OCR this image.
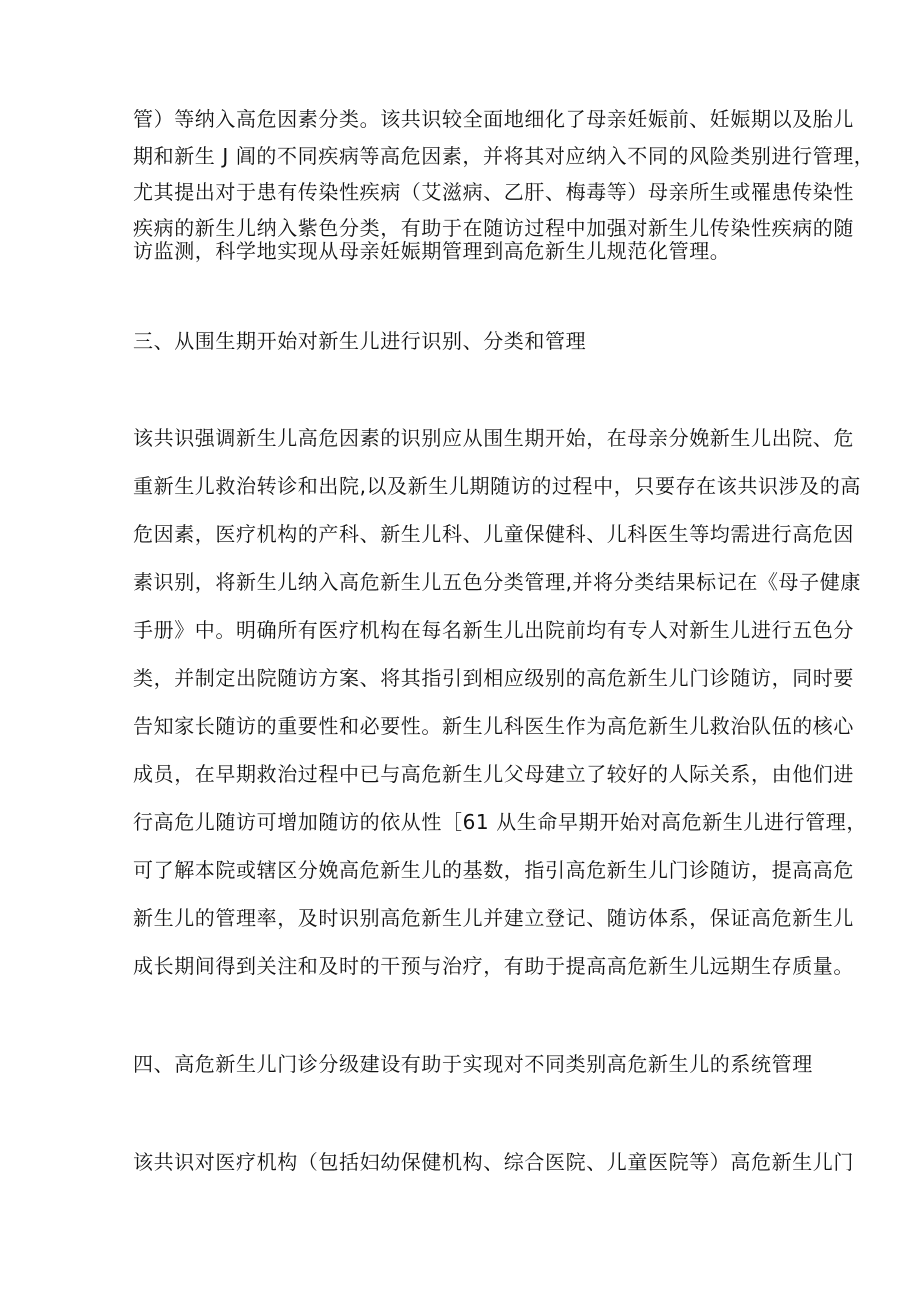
管）等纳入高危因素分类。该共识较全面地细化了母亲妊娠前、妊娠期以及胎儿
期和新生 J 阊的不同疾病等高危因素，并将其对应纳入不同的风险类别进行管理，
尤其提出对于患有传染性疾病（艾滋病、乙肝、梅毒等）母亲所生或罹患传染性
疾病的新生儿纳入紫色分类，有助于在随访过程中加强对新生儿传染性疾病的随
访监测，科学地实现从母亲妊娠期管理到高危新生儿规范化管理。
三、从围生期开始对新生儿进行识别、分类和管理
该共识强调新生儿高危因素的识别应从围生期开始，在母亲分娩新生儿出院、危
重新生儿救治转诊和出院,以及新生儿期随访的过程中，只要存在该共识涉及的高
危因素，医疗机构的产科、新生儿科、儿童保健科、儿科医生等均需进行高危因
素识别，将新生儿纳入高危新生儿五色分类管理,并将分类结果标记在《母子健康
手册》中。明确所有医疗机构在每名新生儿出院前均有专人对新生儿进行五色分
类，并制定出院随访方案、将其指引到相应级别的高危新生儿门诊随访，同时要
告知家长随访的重要性和必要性。新生儿科医生作为高危新生儿救治队伍的核心
成员，在早期救治过程中已与高危新生儿父母建立了较好的人际关系，由他们进
行高危儿随访可增加随访的依从性［61 从生命早期开始对高危新生儿进行管理，
可了解本院或辖区分娩高危新生儿的基数，指引高危新生儿门诊随访，提高高危
新生儿的管理率，及时识别高危新生儿并建立登记、随访体系，保证高危新生儿
成长期间得到关注和及时的干预与治疗，有助于提高高危新生儿远期生存质量。
四、高危新生儿门诊分级建设有助于实现对不同类别高危新生儿的系统管理
该共识对医疗机构（包括妇幼保健机构、综合医院、儿童医院等）高危新生儿门
